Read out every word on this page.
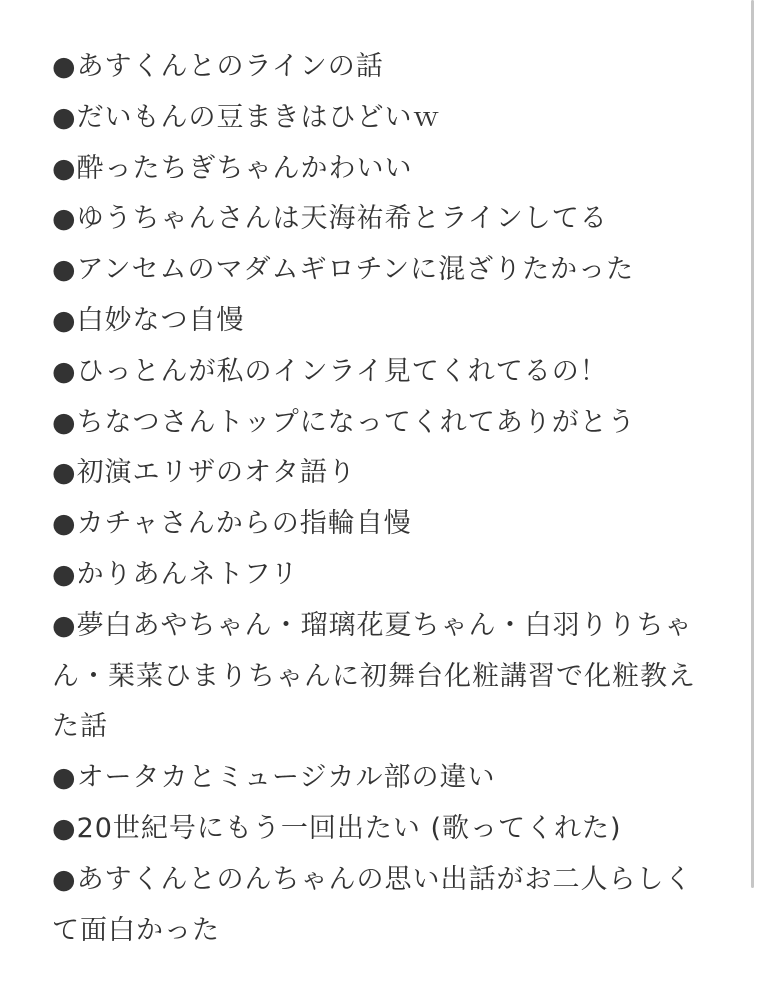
●あすくんとのラインの話
●だいもんの豆まきはひどいｗ
●酔ったちぎちゃんかわいい
●ゆうちゃんさんは天海祐希とラインしてる
●アンセムのマダムギロチンに混ざりたかった
●白妙なつ自慢
●ひっとんが私のインライ見てくれてるの！
●ちなつさんトップになってくれてありがとう
●初演エリザのオタ語り
●カチャさんからの指輪自慢
●かりあんネトフリ
●夢白あやちゃん・瑠璃花夏ちゃん・白羽りりちゃん・琹菜ひまりちゃんに初舞台化粧講習で化粧教えた話
●オータカとミュージカル部の違い
●20世紀号にもう一回出たい (歌ってくれた)
●あすくんとのんちゃんの思い出話がお二人らしくて面白かった
